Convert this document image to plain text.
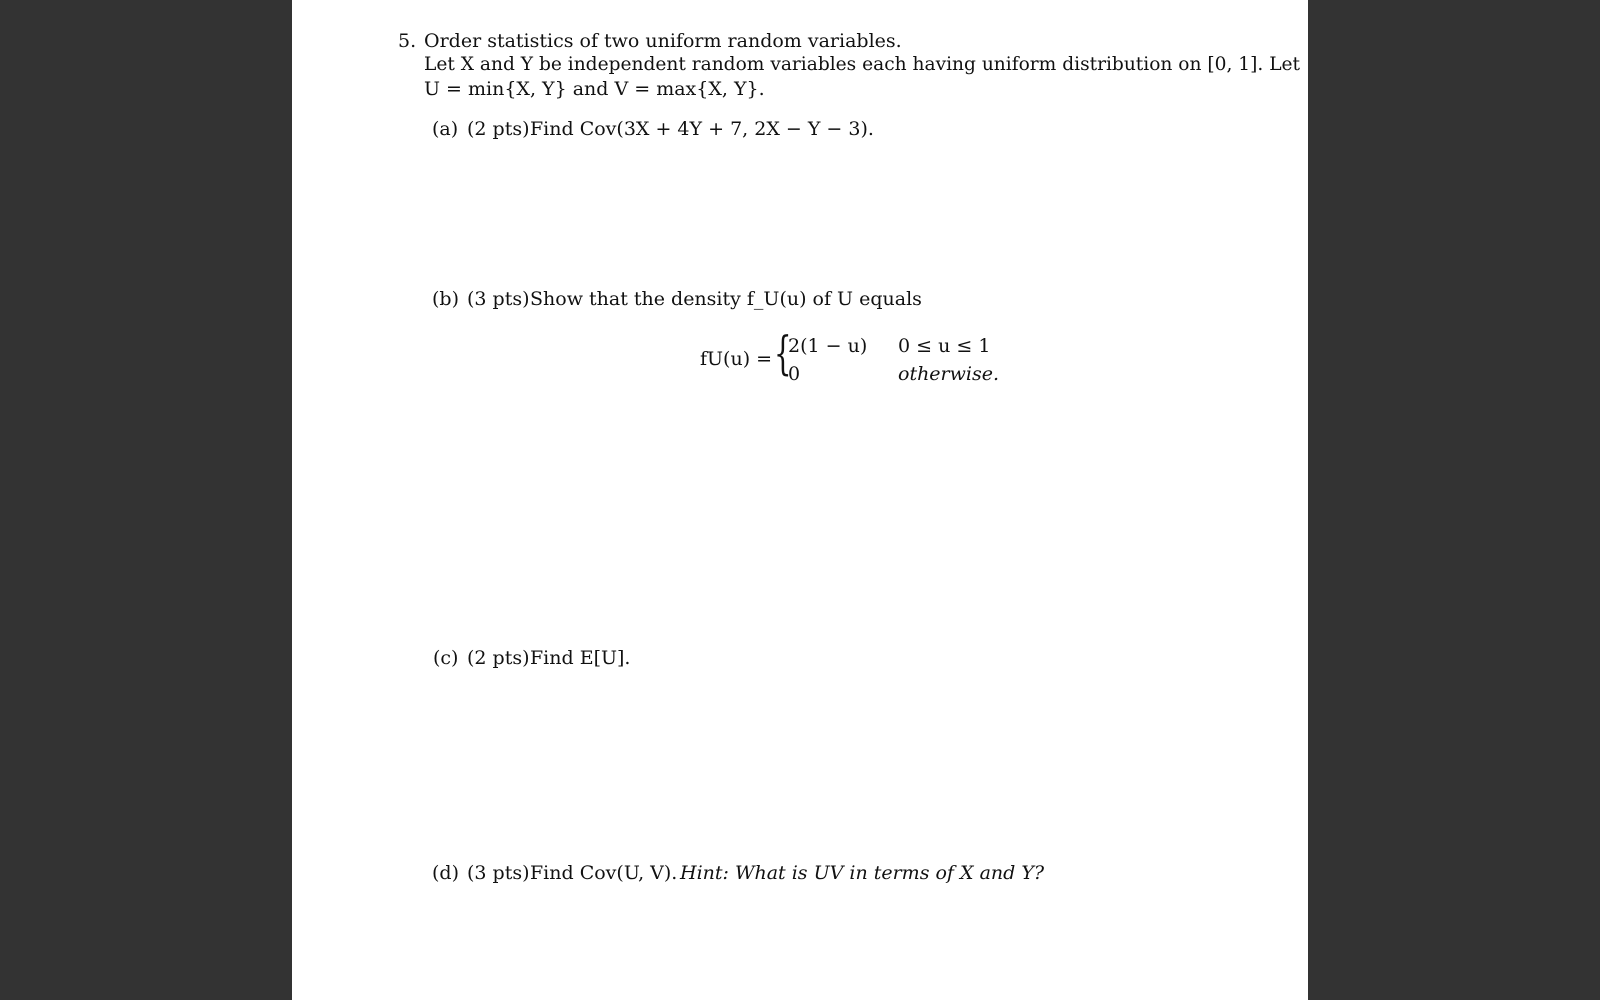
5. Order statistics of two uniform random variables.
Let X and Y be independent random variables each having uniform distribution on [0, 1]. Let
U = min{X, Y} and V = max{X, Y}.
(a) (2 pts) Find Cov(3X + 4Y + 7, 2X − Y − 3).
(b) (3 pts) Show that the density f_U(u) of U equals
fU(u) = {
2(1 − u) 0 ≤ u ≤ 1
0	otherwise.
(c) (2 pts) Find E[U].
(d) (3 pts) Find Cov(U, V). Hint: What is UV in terms of X and Y?
